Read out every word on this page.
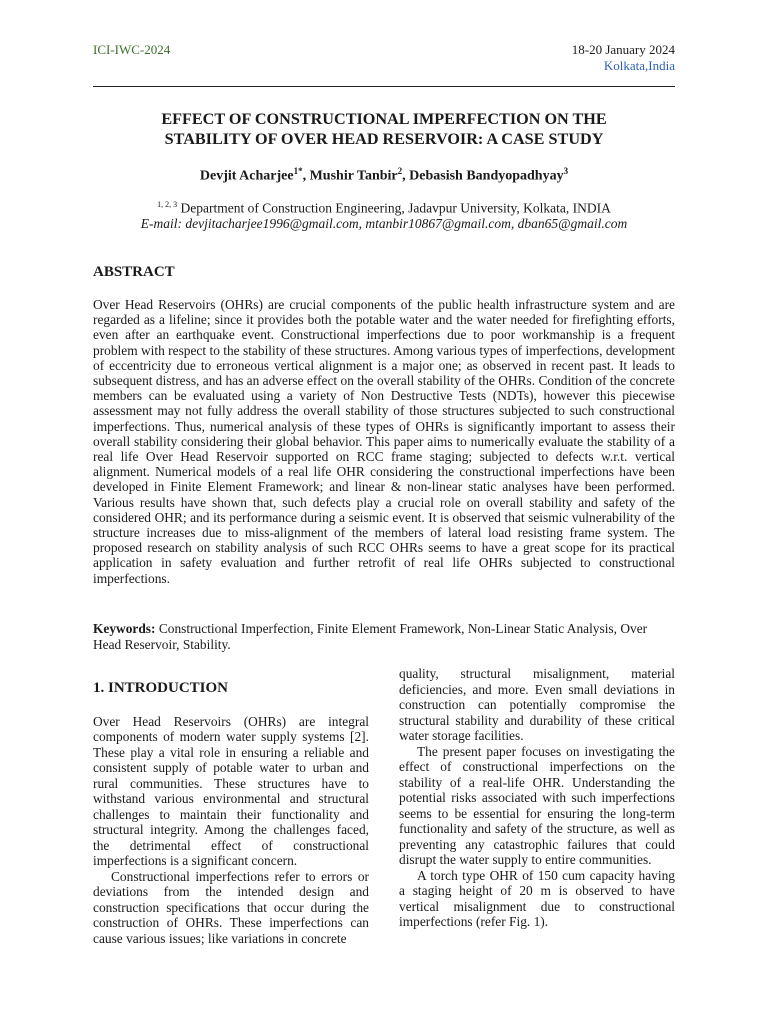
ICI-IWC-2024	18-20 January 2024
Kolkata,India
EFFECT OF CONSTRUCTIONAL IMPERFECTION ON THE
STABILITY OF OVER HEAD RESERVOIR: A CASE STUDY
Devjit Acharjee$^{1*}$, Mushir Tanbir$^2$, Debasish Bandyopadhyay$^3$
$^{1, 2, 3}$ Department of Construction Engineering, Jadavpur University, Kolkata, INDIA
E-mail: devjitacharjee1996@gmail.com, mtanbir10867@gmail.com, dban65@gmail.com
ABSTRACT

Over Head Reservoirs (OHRs) are crucial components of the public health infrastructure system and are regarded as a lifeline; since it provides both the potable water and the water needed for firefighting efforts, even after an earthquake event. Constructional imperfections due to poor workmanship is a frequent problem with respect to the stability of these structures. Among various types of imperfections, development of eccentricity due to erroneous vertical alignment is a major one; as observed in recent past. It leads to subsequent distress, and has an adverse effect on the overall stability of the OHRs. Condition of the concrete members can be evaluated using a variety of Non Destructive Tests (NDTs), however this piecewise assessment may not fully address the overall stability of those structures subjected to such constructional imperfections. Thus, numerical analysis of these types of OHRs is significantly important to assess their overall stability considering their global behavior. This paper aims to numerically evaluate the stability of a real life Over Head Reservoir supported on RCC frame staging; subjected to defects w.r.t. vertical alignment. Numerical models of a real life OHR considering the constructional imperfections have been developed in Finite Element Framework; and linear & non-linear static analyses have been performed. Various results have shown that, such defects play a crucial role on overall stability and safety of the considered OHR; and its performance during a seismic event. It is observed that seismic vulnerability of the structure increases due to miss-alignment of the members of lateral load resisting frame system. The proposed research on stability analysis of such RCC OHRs seems to have a great scope for its practical application in safety evaluation and further retrofit of real life OHRs subjected to constructional imperfections.

Keywords: Constructional Imperfection, Finite Element Framework, Non-Linear Static Analysis, Over Head Reservoir, Stability.

1. INTRODUCTION

Over Head Reservoirs (OHRs) are integral components of modern water supply systems [2]. These play a vital role in ensuring a reliable and consistent supply of potable water to urban and rural communities. These structures have to withstand various environmental and structural challenges to maintain their functionality and structural integrity. Among the challenges faced, the detrimental effect of constructional imperfections is a significant concern.

Constructional imperfections refer to errors or deviations from the intended design and construction specifications that occur during the construction of OHRs. These imperfections can cause various issues; like variations in concrete

quality, structural misalignment, material deficiencies, and more. Even small deviations in construction can potentially compromise the structural stability and durability of these critical water storage facilities.

The present paper focuses on investigating the effect of constructional imperfections on the stability of a real-life OHR. Understanding the potential risks associated with such imperfections seems to be essential for ensuring the long-term functionality and safety of the structure, as well as preventing any catastrophic failures that could disrupt the water supply to entire communities.

A torch type OHR of 150 cum capacity having a staging height of 20 m is observed to have vertical misalignment due to constructional imperfections (refer Fig. 1).
